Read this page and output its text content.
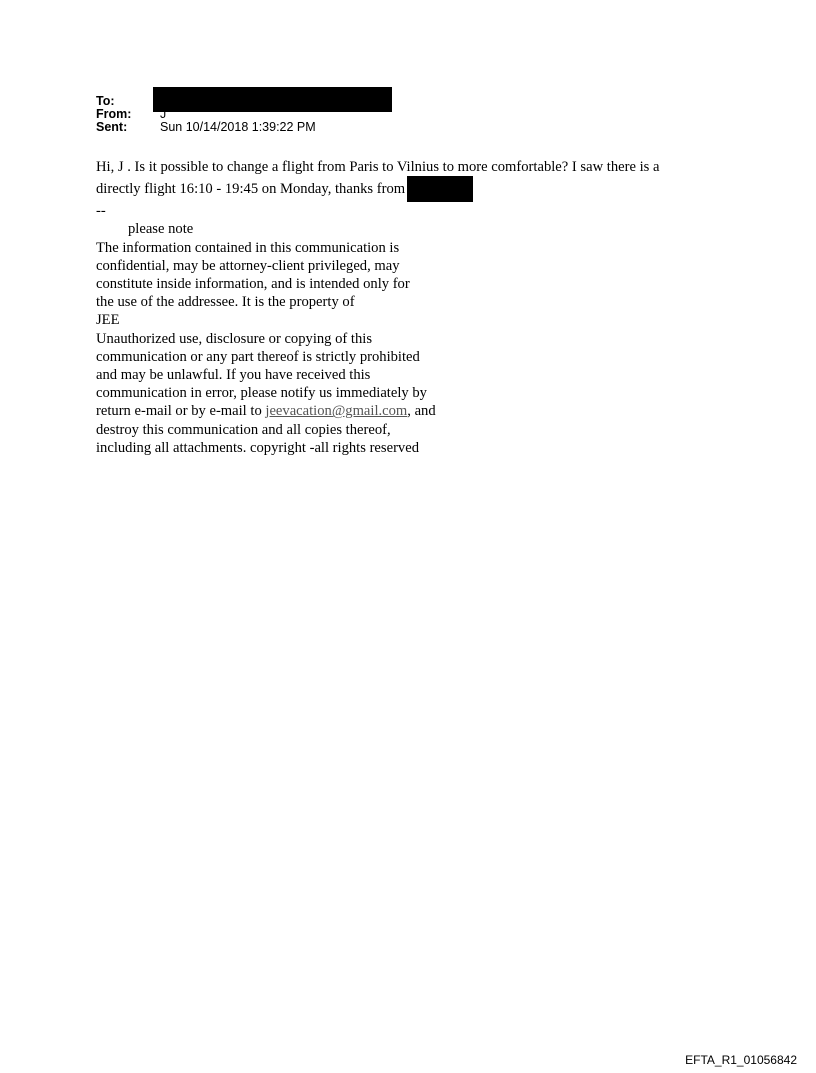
To:
From:	J
Sent:	Sun 10/14/2018 1:39:22 PM

Hi, J . Is it possible to change a flight from Paris to Vilnius to more comfortable? I saw there is a

directly flight 16:10 - 19:45 on Monday, thanks from

--

please note

The information contained in this communication is

confidential, may be attorney-client privileged, may

constitute inside information, and is intended only for

the use of the addressee. It is the property of

JEE

Unauthorized use, disclosure or copying of this

communication or any part thereof is strictly prohibited

and may be unlawful. If you have received this

communication in error, please notify us immediately by

return e-mail or by e-mail to jeevacation@gmail.com, and

destroy this communication and all copies thereof,

including all attachments. copyright -all rights reserved

EFTA_R1_01056842
